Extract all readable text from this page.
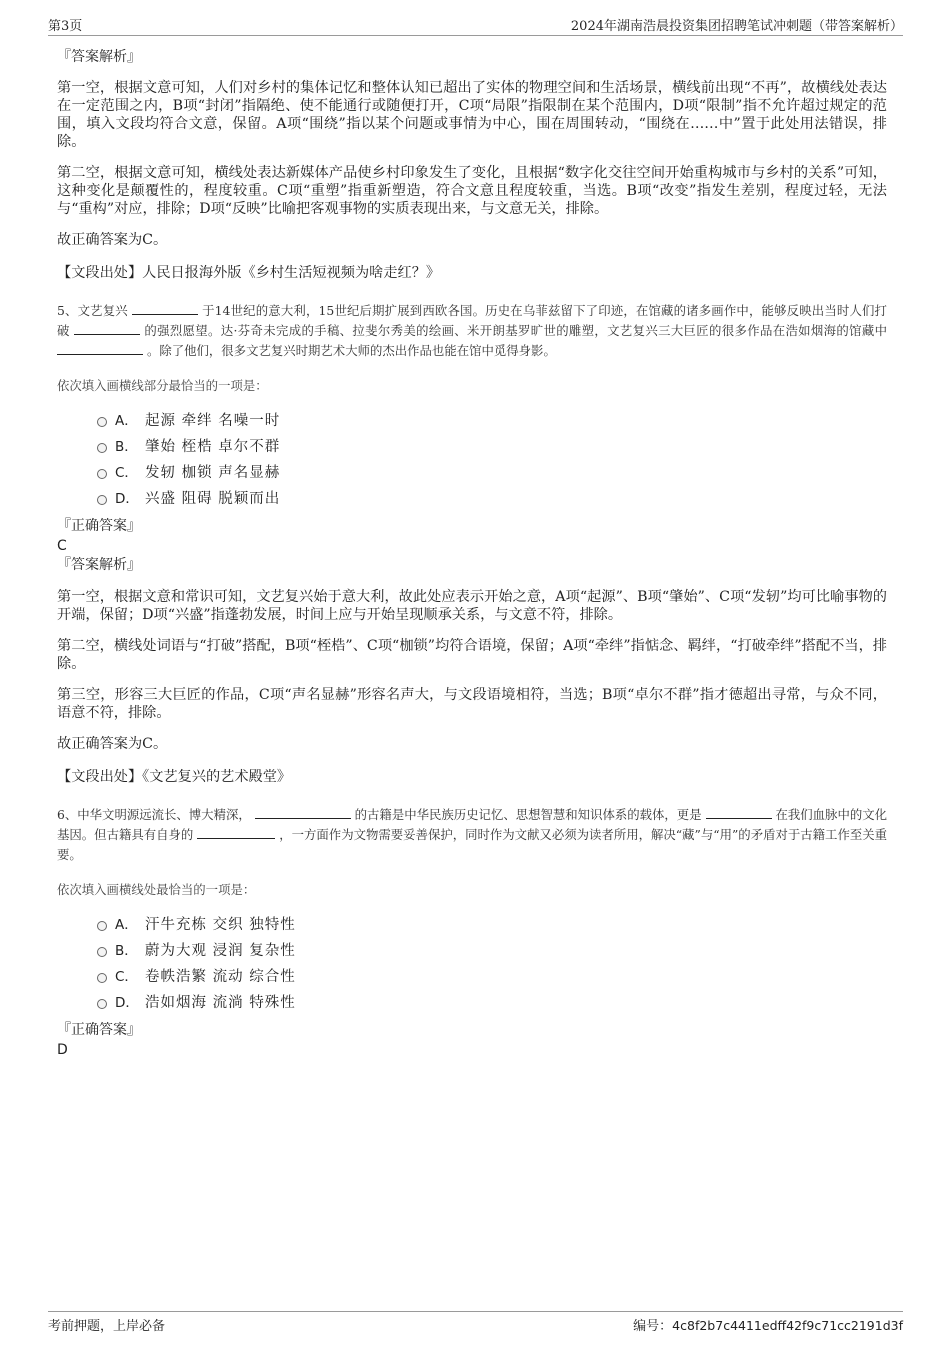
第3页	2024年湖南浩晨投资集团招聘笔试冲刺题（带答案解析）
『答案解析』

第一空，根据文意可知，人们对乡村的集体记忆和整体认知已超出了实体的物理空间和生活场景，横线前出现“不再”，故横线处表达在一定范围之内，B项“封闭”指隔绝、使不能通行或随便打开，C项“局限”指限制在某个范围内，D项“限制”指不允许超过规定的范围，填入文段均符合文意，保留。A项“围绕”指以某个问题或事情为中心，围在周围转动，“围绕在……中”置于此处用法错误，排除。

第二空，根据文意可知，横线处表达新媒体产品使乡村印象发生了变化，且根据“数字化交往空间开始重构城市与乡村的关系”可知，这种变化是颠覆性的，程度较重。C项“重塑”指重新塑造，符合文意且程度较重，当选。B项“改变”指发生差别，程度过轻，无法与“重构”对应，排除；D项“反映”比喻把客观事物的实质表现出来，与文意无关，排除。

故正确答案为C。

【文段出处】人民日报海外版《乡村生活短视频为啥走红？》

5、文艺复兴	于14世纪的意大利，15世纪后期扩展到西欧各国。历史在乌菲兹留下了印迹，在馆藏的诸多画作中，能够反映出当时人们打破	的强烈愿望。达·芬奇未完成的手稿、拉斐尔秀美的绘画、米开朗基罗旷世的雕塑，文艺复兴三大巨匠的很多作品在浩如烟海的馆藏中  。除了他们，很多文艺复兴时期艺术大师的杰出作品也能在馆中觅得身影。

依次填入画横线部分最恰当的一项是：

A． 起源 牵绊 名噪一时
B． 肇始 桎梏 卓尔不群
C． 发轫 枷锁 声名显赫
D． 兴盛 阻碍 脱颖而出
『正确答案』
C
『答案解析』

第一空，根据文意和常识可知，文艺复兴始于意大利，故此处应表示开始之意，A项“起源”、B项“肇始”、C项“发轫”均可比喻事物的开端，保留；D项“兴盛”指蓬勃发展，时间上应与开始呈现顺承关系，与文意不符，排除。

第二空，横线处词语与“打破”搭配，B项“桎梏”、C项“枷锁”均符合语境，保留；A项“牵绊”指惦念、羁绊，“打破牵绊”搭配不当，排除。

第三空，形容三大巨匠的作品，C项“声名显赫”形容名声大，与文段语境相符，当选；B项“卓尔不群”指才德超出寻常，与众不同，语意不符，排除。

故正确答案为C。

【文段出处】《文艺复兴的艺术殿堂》

6、中华文明源远流长、博大精深，	的古籍是中华民族历史记忆、思想智慧和知识体系的载体，更是	在我们血脉中的文化基因。但古籍具有自身的	，一方面作为文物需要妥善保护，同时作为文献又必须为读者所用，解决“藏”与“用”的矛盾对于古籍工作至关重要。

依次填入画横线处最恰当的一项是：

A． 汗牛充栋 交织 独特性
B． 蔚为大观 浸润 复杂性
C． 卷帙浩繁 流动 综合性
D． 浩如烟海 流淌 特殊性
『正确答案』
D
考前押题，上岸必备	编号：4c8f2b7c4411edff42f9c71cc2191d3f
